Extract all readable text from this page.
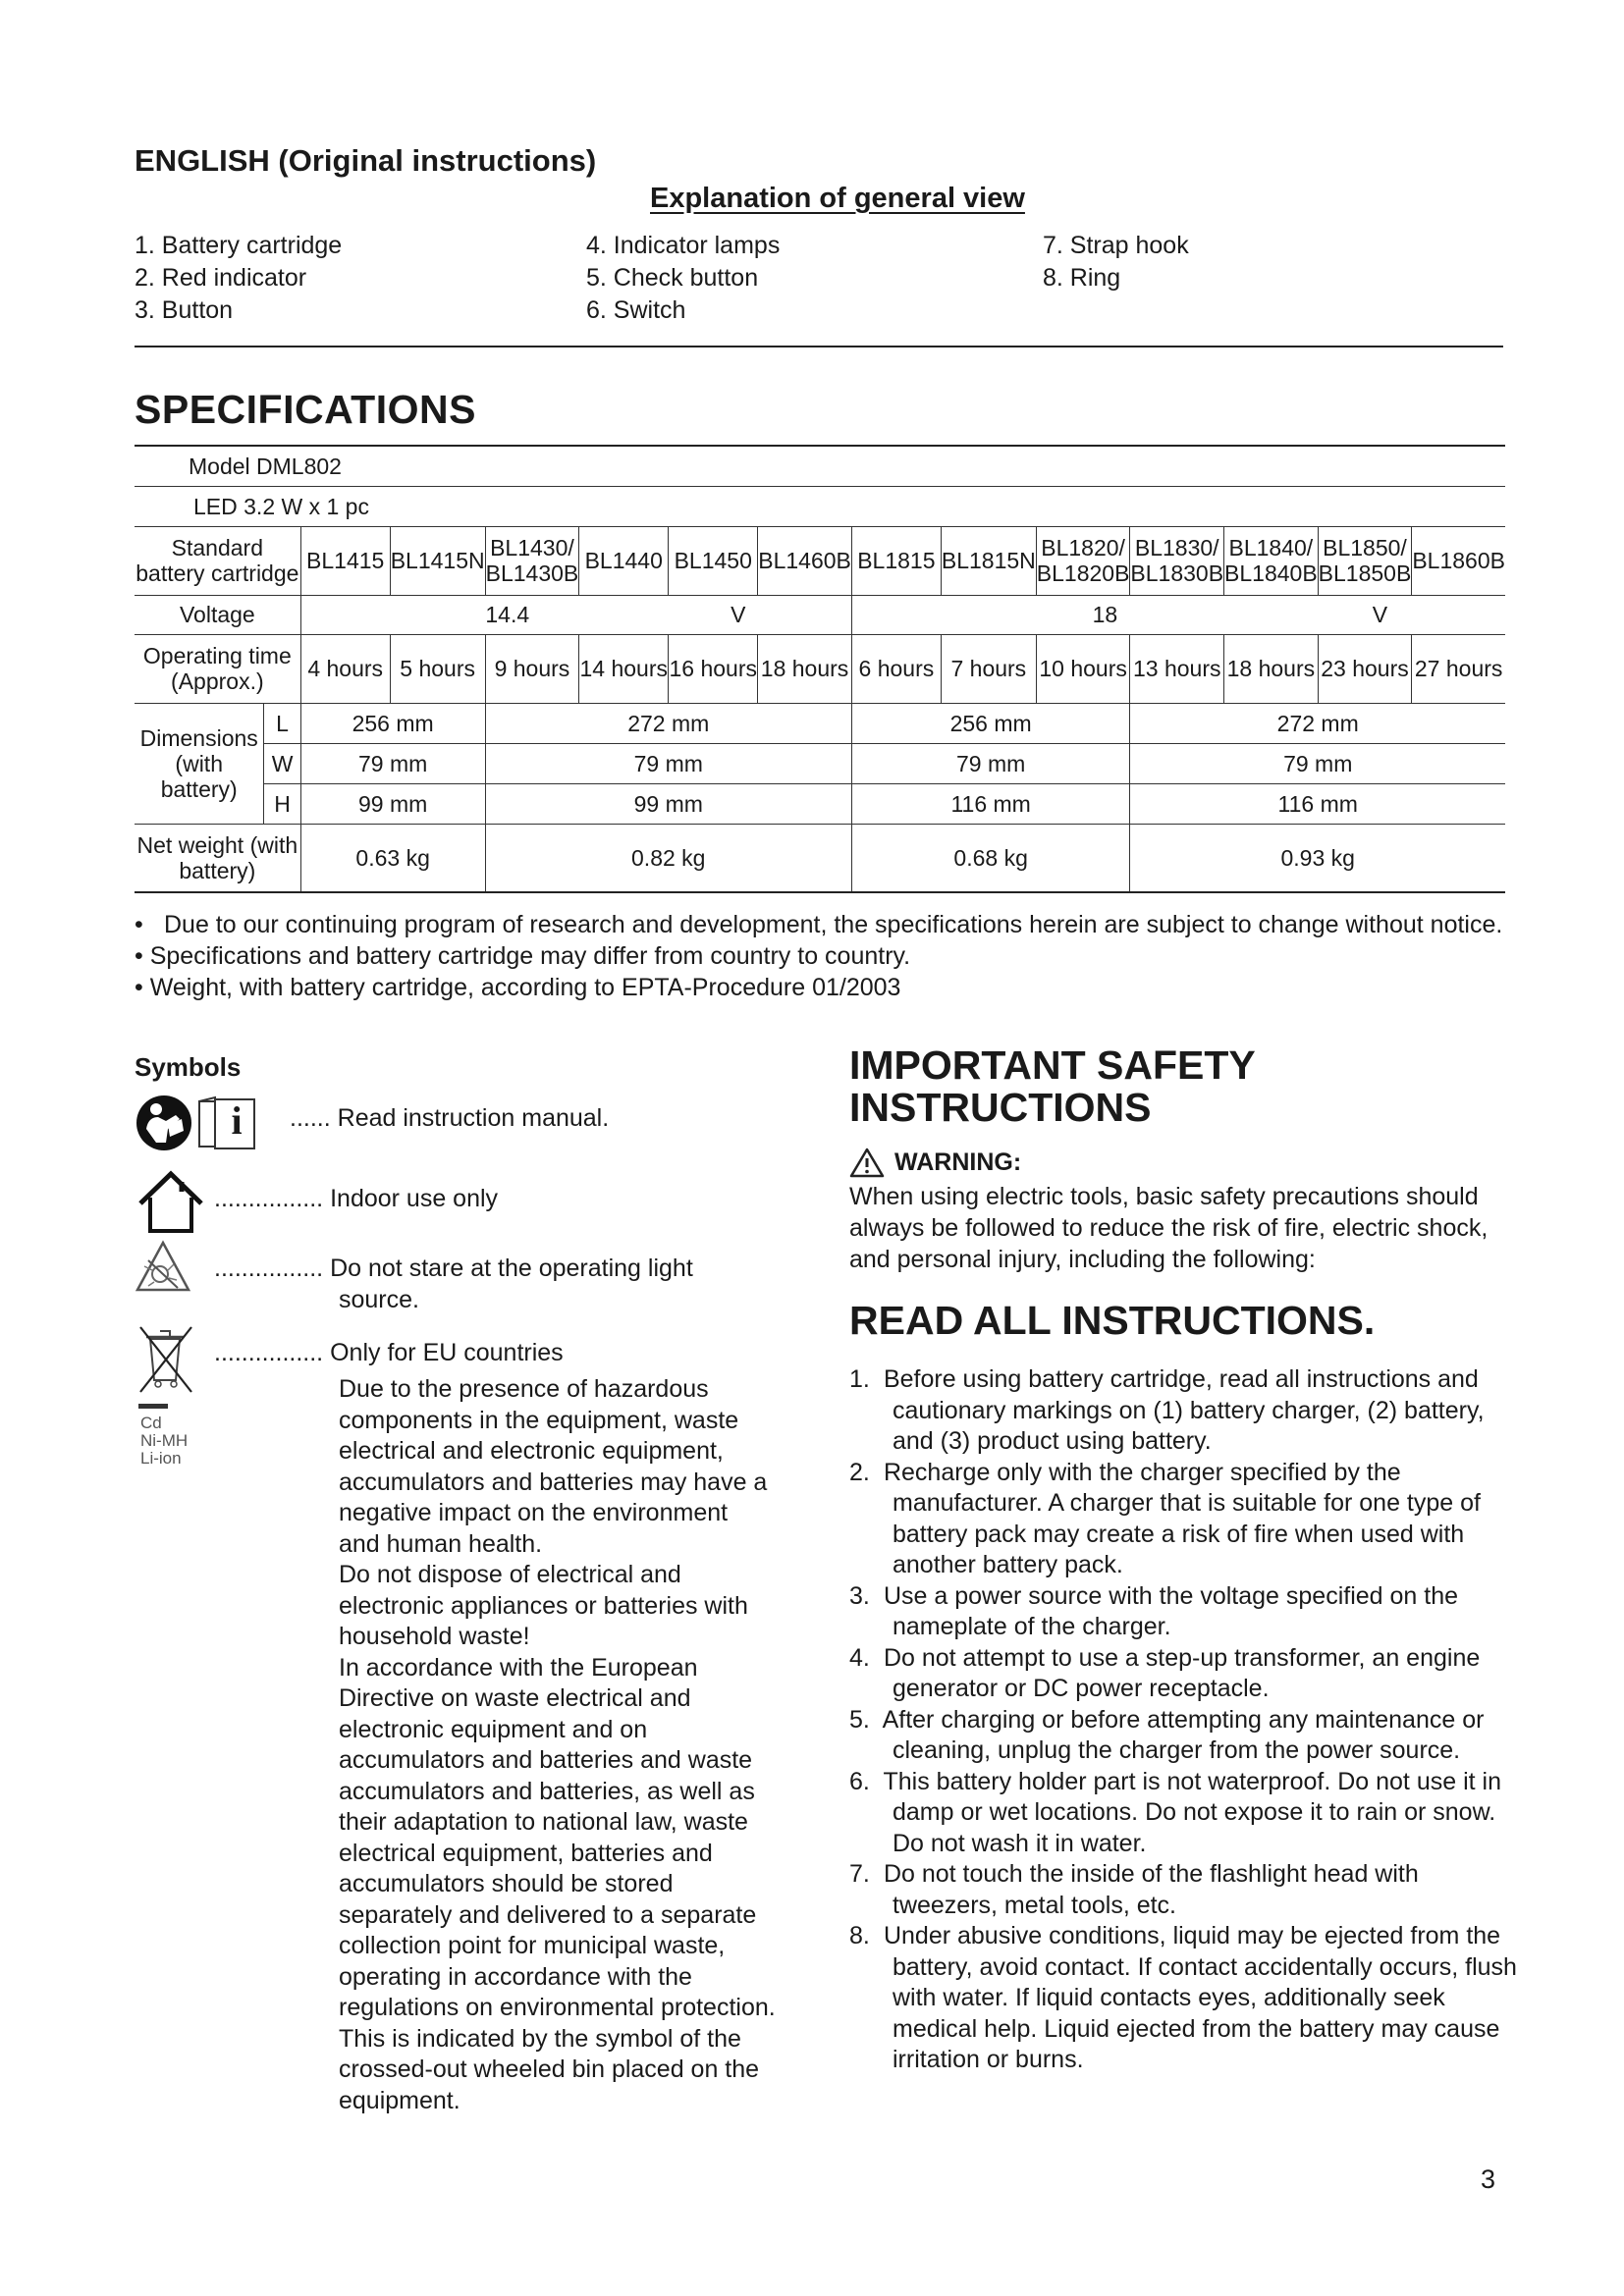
ENGLISH (Original instructions)
Explanation of general view
1. Battery cartridge
2. Red indicator
3. Button
4. Indicator lamps
5. Check button
6. Switch
7. Strap hook
8. Ring
SPECIFICATIONS
Model DML802														
LED 3.2 W x 1 pc														
Standard battery cartridge		BL1415	BL1415N	BL1430/ BL1430B	BL1440	BL1450	BL1460B	BL1815	BL1815N	BL1820/ BL1820B	BL1830/ BL1830B	BL1840/ BL1840B	BL1850/ BL1850B	BL1860B
Voltage		14.4 V						18 V						
Operating time (Approx.)		4 hours	5 hours	9 hours	14 hours	16 hours	18 hours	6 hours	7 hours	10 hours	13 hours	18 hours	23 hours	27 hours
Dimensions (with battery)	L	256 mm		272 mm				256 mm			272 mm			
	W	79 mm		79 mm				79 mm			79 mm			
	H	99 mm		99 mm				116 mm			116 mm			
Net weight (with battery)		0.63 kg		0.82 kg				0.68 kg			0.93 kg			
• Due to our continuing program of research and development, the specifications herein are subject to change without notice.
• Specifications and battery cartridge may differ from country to country.
• Weight, with battery cartridge, according to EPTA-Procedure 01/2003
Symbols
i	...... Read instruction manual.
................ Indoor use only
................ Do not stare at the operating light
source.
Cd
Ni-MH
Li-ion
................ Only for EU countries
Due to the presence of hazardous
components in the equipment, waste
electrical and electronic equipment,
accumulators and batteries may have a
negative impact on the environment
and human health.
Do not dispose of electrical and
electronic appliances or batteries with
household waste!
In accordance with the European
Directive on waste electrical and
electronic equipment and on
accumulators and batteries and waste
accumulators and batteries, as well as
their adaptation to national law, waste
electrical equipment, batteries and
accumulators should be stored
separately and delivered to a separate
collection point for municipal waste,
operating in accordance with the
regulations on environmental protection.
This is indicated by the symbol of the
crossed-out wheeled bin placed on the
equipment.
IMPORTANT SAFETY
INSTRUCTIONS
WARNING:
When using electric tools, basic safety precautions should always be followed to reduce the risk of fire, electric shock, and personal injury, including the following:
READ ALL INSTRUCTIONS.
1. Before using battery cartridge, read all instructions and cautionary markings on (1) battery charger, (2) battery, and (3) product using battery.
2. Recharge only with the charger specified by the manufacturer. A charger that is suitable for one type of battery pack may create a risk of fire when used with another battery pack.
3. Use a power source with the voltage specified on the nameplate of the charger.
4. Do not attempt to use a step-up transformer, an engine generator or DC power receptacle.
5. After charging or before attempting any maintenance or cleaning, unplug the charger from the power source.
6. This battery holder part is not waterproof. Do not use it in damp or wet locations. Do not expose it to rain or snow. Do not wash it in water.
7. Do not touch the inside of the flashlight head with tweezers, metal tools, etc.
8. Under abusive conditions, liquid may be ejected from the battery, avoid contact. If contact accidentally occurs, flush with water. If liquid contacts eyes, additionally seek medical help. Liquid ejected from the battery may cause irritation or burns.
3
